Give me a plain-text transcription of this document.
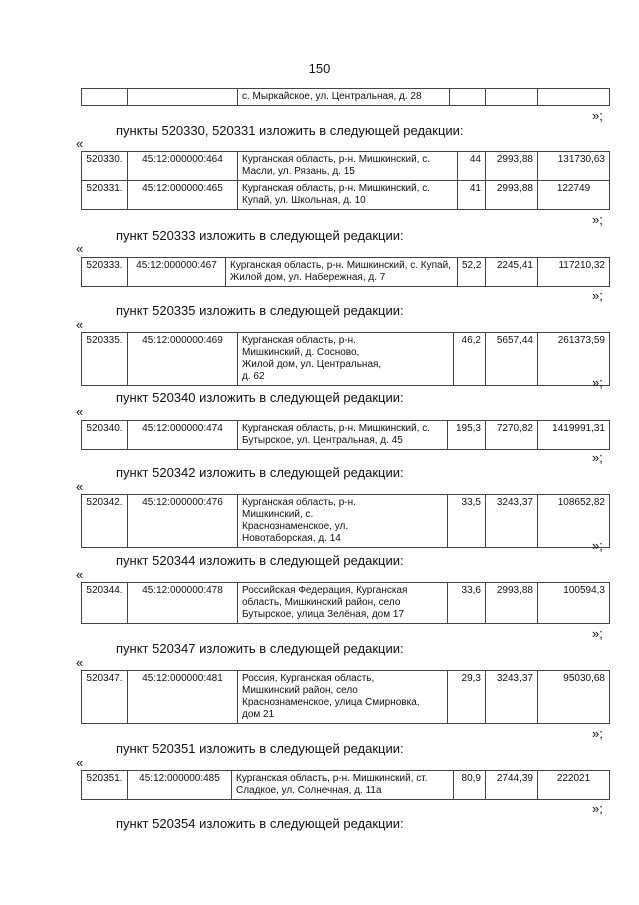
150
		с. Мыркайское, ул. Центральная, д. 28			
»;
пункты 520330, 520331 изложить в следующей редакции:
«
520330.	45:12:000000:464	Курганская область, р-н. Мишкинский, с. Масли, ул. Рязань, д. 15	44	2993,88	131730,63
520331.	45:12:000000:465	Курганская область, р-н. Мишкинский, с. Купай, ул. Школьная, д. 10	41	2993,88	122749
»;
пункт 520333 изложить в следующей редакции:
«
520333.	45:12:000000:467	Курганская область, р-н. Мишкинский, с. Купай, Жилой дом, ул. Набережная, д. 7	52,2	2245,41	117210,32
»;
пункт 520335 изложить в следующей редакции:
«
520335.	45:12:000000:469	Курганская область, р-н. Мишкинский, д. Сосново, Жилой дом, ул. Центральная, д. 62	46,2	5657,44	261373,59
»;
пункт 520340 изложить в следующей редакции:
«
520340.	45:12:000000:474	Курганская область, р-н. Мишкинский, с. Бутырское, ул. Центральная, д. 45	195,3	7270,82	1419991,31
»;
пункт 520342 изложить в следующей редакции:
«
520342.	45:12:000000:476	Курганская область, р-н. Мишкинский, с. Краснознаменское, ул. Новотаборская, д. 14	33,5	3243,37	108652,82
»;
пункт 520344 изложить в следующей редакции:
«
520344.	45:12:000000:478	Российская Федерация, Курганская область, Мишкинский район, село Бутырское, улица Зелёная, дом 17	33,6	2993,88	100594,3
»;
пункт 520347 изложить в следующей редакции:
«
520347.	45:12:000000:481	Россия, Курганская область, Мишкинский район, село Краснознаменское, улица Смирновка, дом 21	29,3	3243,37	95030,68
»;
пункт 520351 изложить в следующей редакции:
«
520351.	45:12:000000:485	Курганская область, р-н. Мишкинский, ст. Сладкое, ул. Солнечная, д. 11а	80,9	2744,39	222021
»;
пункт 520354 изложить в следующей редакции:
